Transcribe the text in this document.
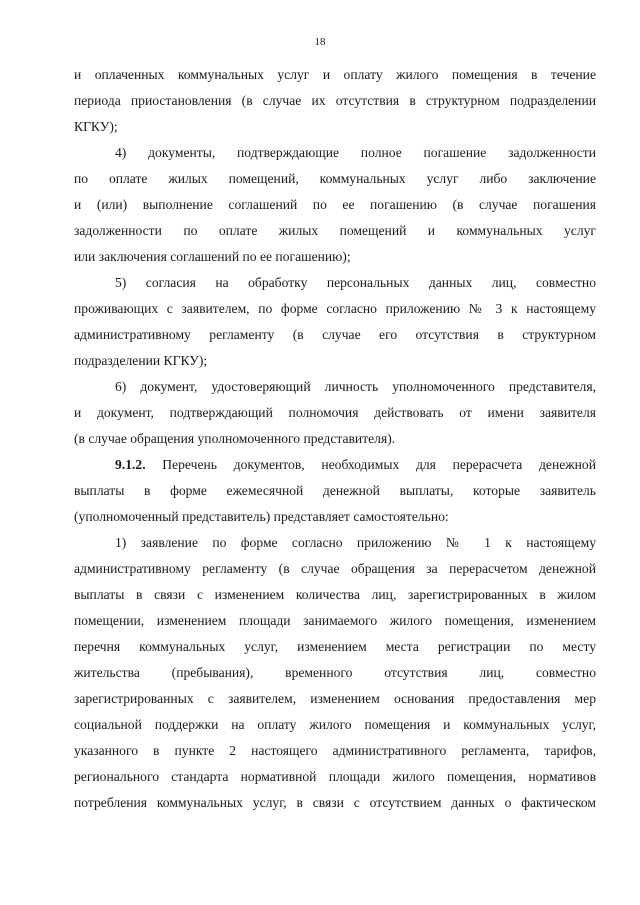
18
и оплаченных коммунальных услуг и оплату жилого помещения в течение
периода приостановления (в случае их отсутствия в структурном подразделении
КГКУ);
4) документы, подтверждающие полное погашение задолженности
по оплате жилых помещений, коммунальных услуг либо заключение
и (или) выполнение соглашений по ее погашению (в случае погашения
задолженности по оплате жилых помещений и коммунальных услуг
или заключения соглашений по ее погашению);
5) согласия на обработку персональных данных лиц, совместно
проживающих с заявителем, по форме согласно приложению № 3 к настоящему
административному регламенту (в случае его отсутствия в структурном
подразделении КГКУ);
6) документ, удостоверяющий личность уполномоченного представителя,
и документ, подтверждающий полномочия действовать от имени заявителя
(в случае обращения уполномоченного представителя).
9.1.2. Перечень документов, необходимых для перерасчета денежной
выплаты в форме ежемесячной денежной выплаты, которые заявитель
(уполномоченный представитель) представляет самостоятельно:
1) заявление по форме согласно приложению № 1 к настоящему
административному регламенту (в случае обращения за перерасчетом денежной
выплаты в связи с изменением количества лиц, зарегистрированных в жилом
помещении, изменением площади занимаемого жилого помещения, изменением
перечня коммунальных услуг, изменением места регистрации по месту
жительства (пребывания), временного отсутствия лиц, совместно
зарегистрированных с заявителем, изменением основания предоставления мер
социальной поддержки на оплату жилого помещения и коммунальных услуг,
указанного в пункте 2 настоящего административного регламента, тарифов,
регионального стандарта нормативной площади жилого помещения, нормативов
потребления коммунальных услуг, в связи с отсутствием данных о фактическом
